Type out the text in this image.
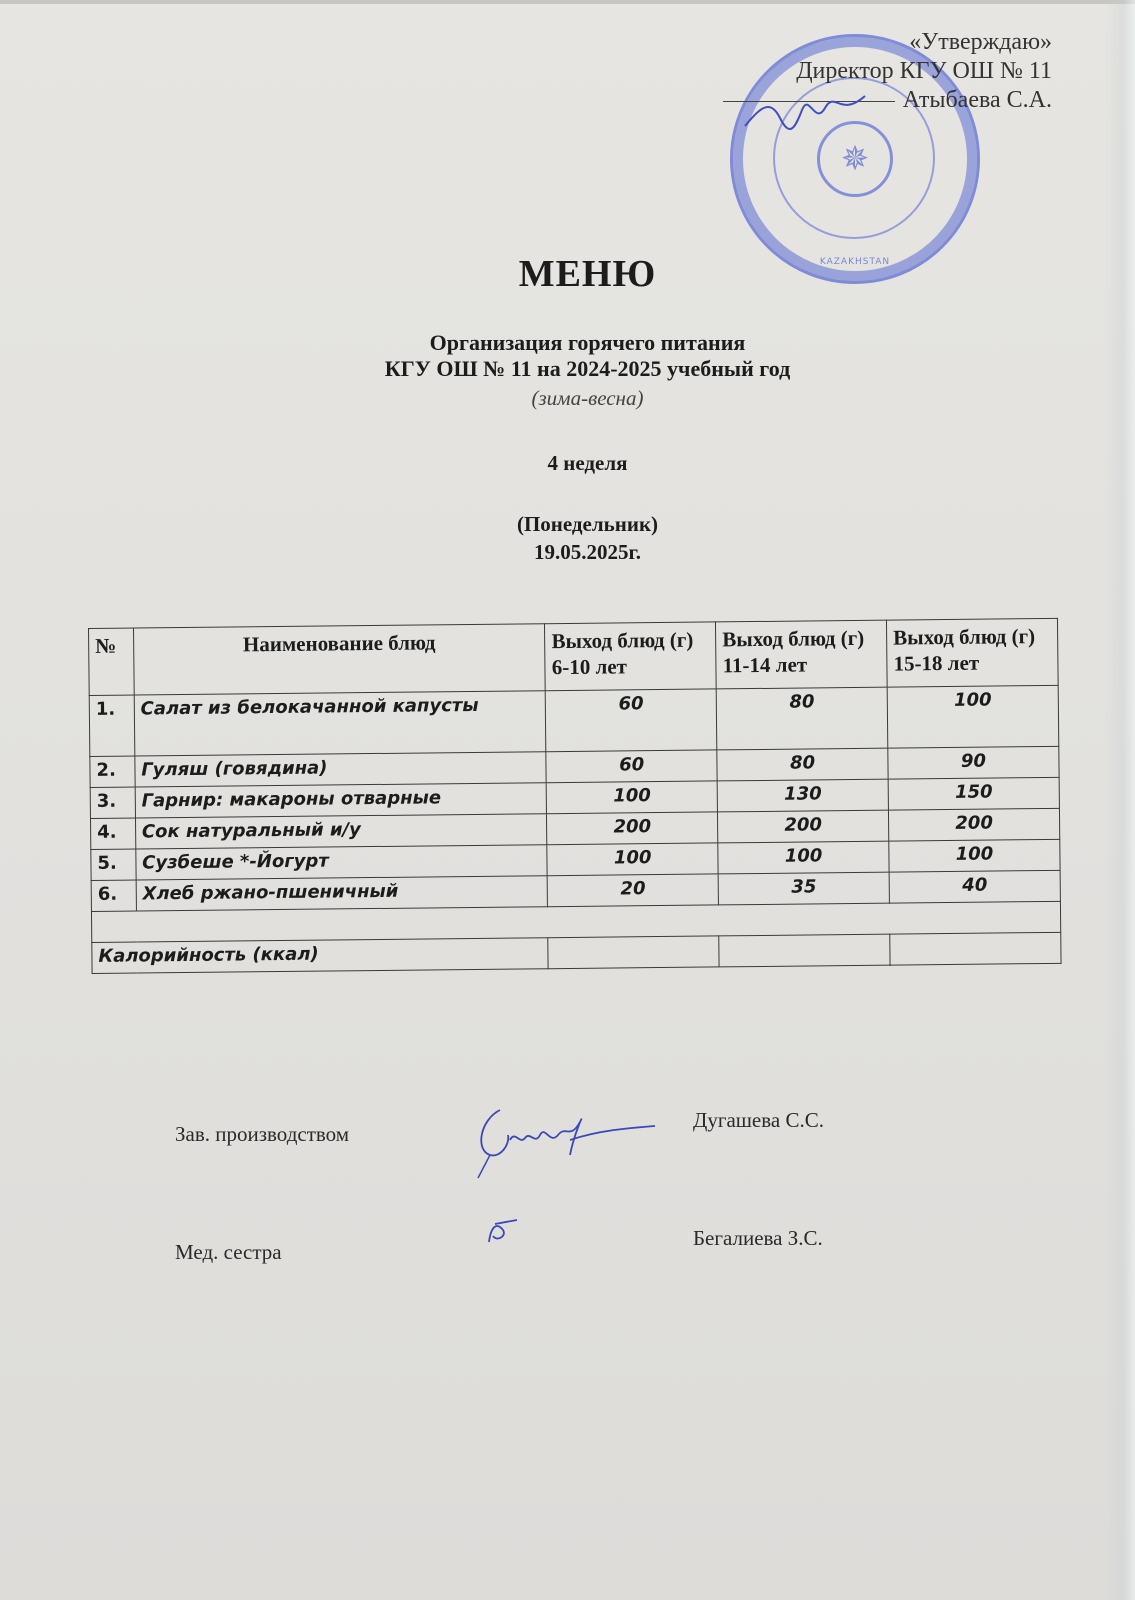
✵
KAZAKHSTAN
«Утверждаю»
Директор КГУ ОШ № 11
Атыбаева С.А.
МЕНЮ
Организация горячего питания
КГУ ОШ № 11 на 2024-2025 учебный год
(зима-весна)
4 неделя
(Понедельник)
19.05.2025г.
№	Наименование блюд	Выход блюд (г) 6-10 лет	Выход блюд (г) 11-14 лет	Выход блюд (г) 15-18 лет
1.	Салат из белокачанной капусты	60	80	100
2.	Гуляш (говядина)	60	80	90
3.	Гарнир: макароны отварные	100	130	150
4.	Сок натуральный и/у	200	200	200
5.	Сузбеше *-Йогурт	100	100	100
6.	Хлеб ржано-пшеничный	20	35	40

Калорийность (ккал)				
Зав. производством
Дугашева С.С.
Мед. сестра
Бегалиева З.С.
